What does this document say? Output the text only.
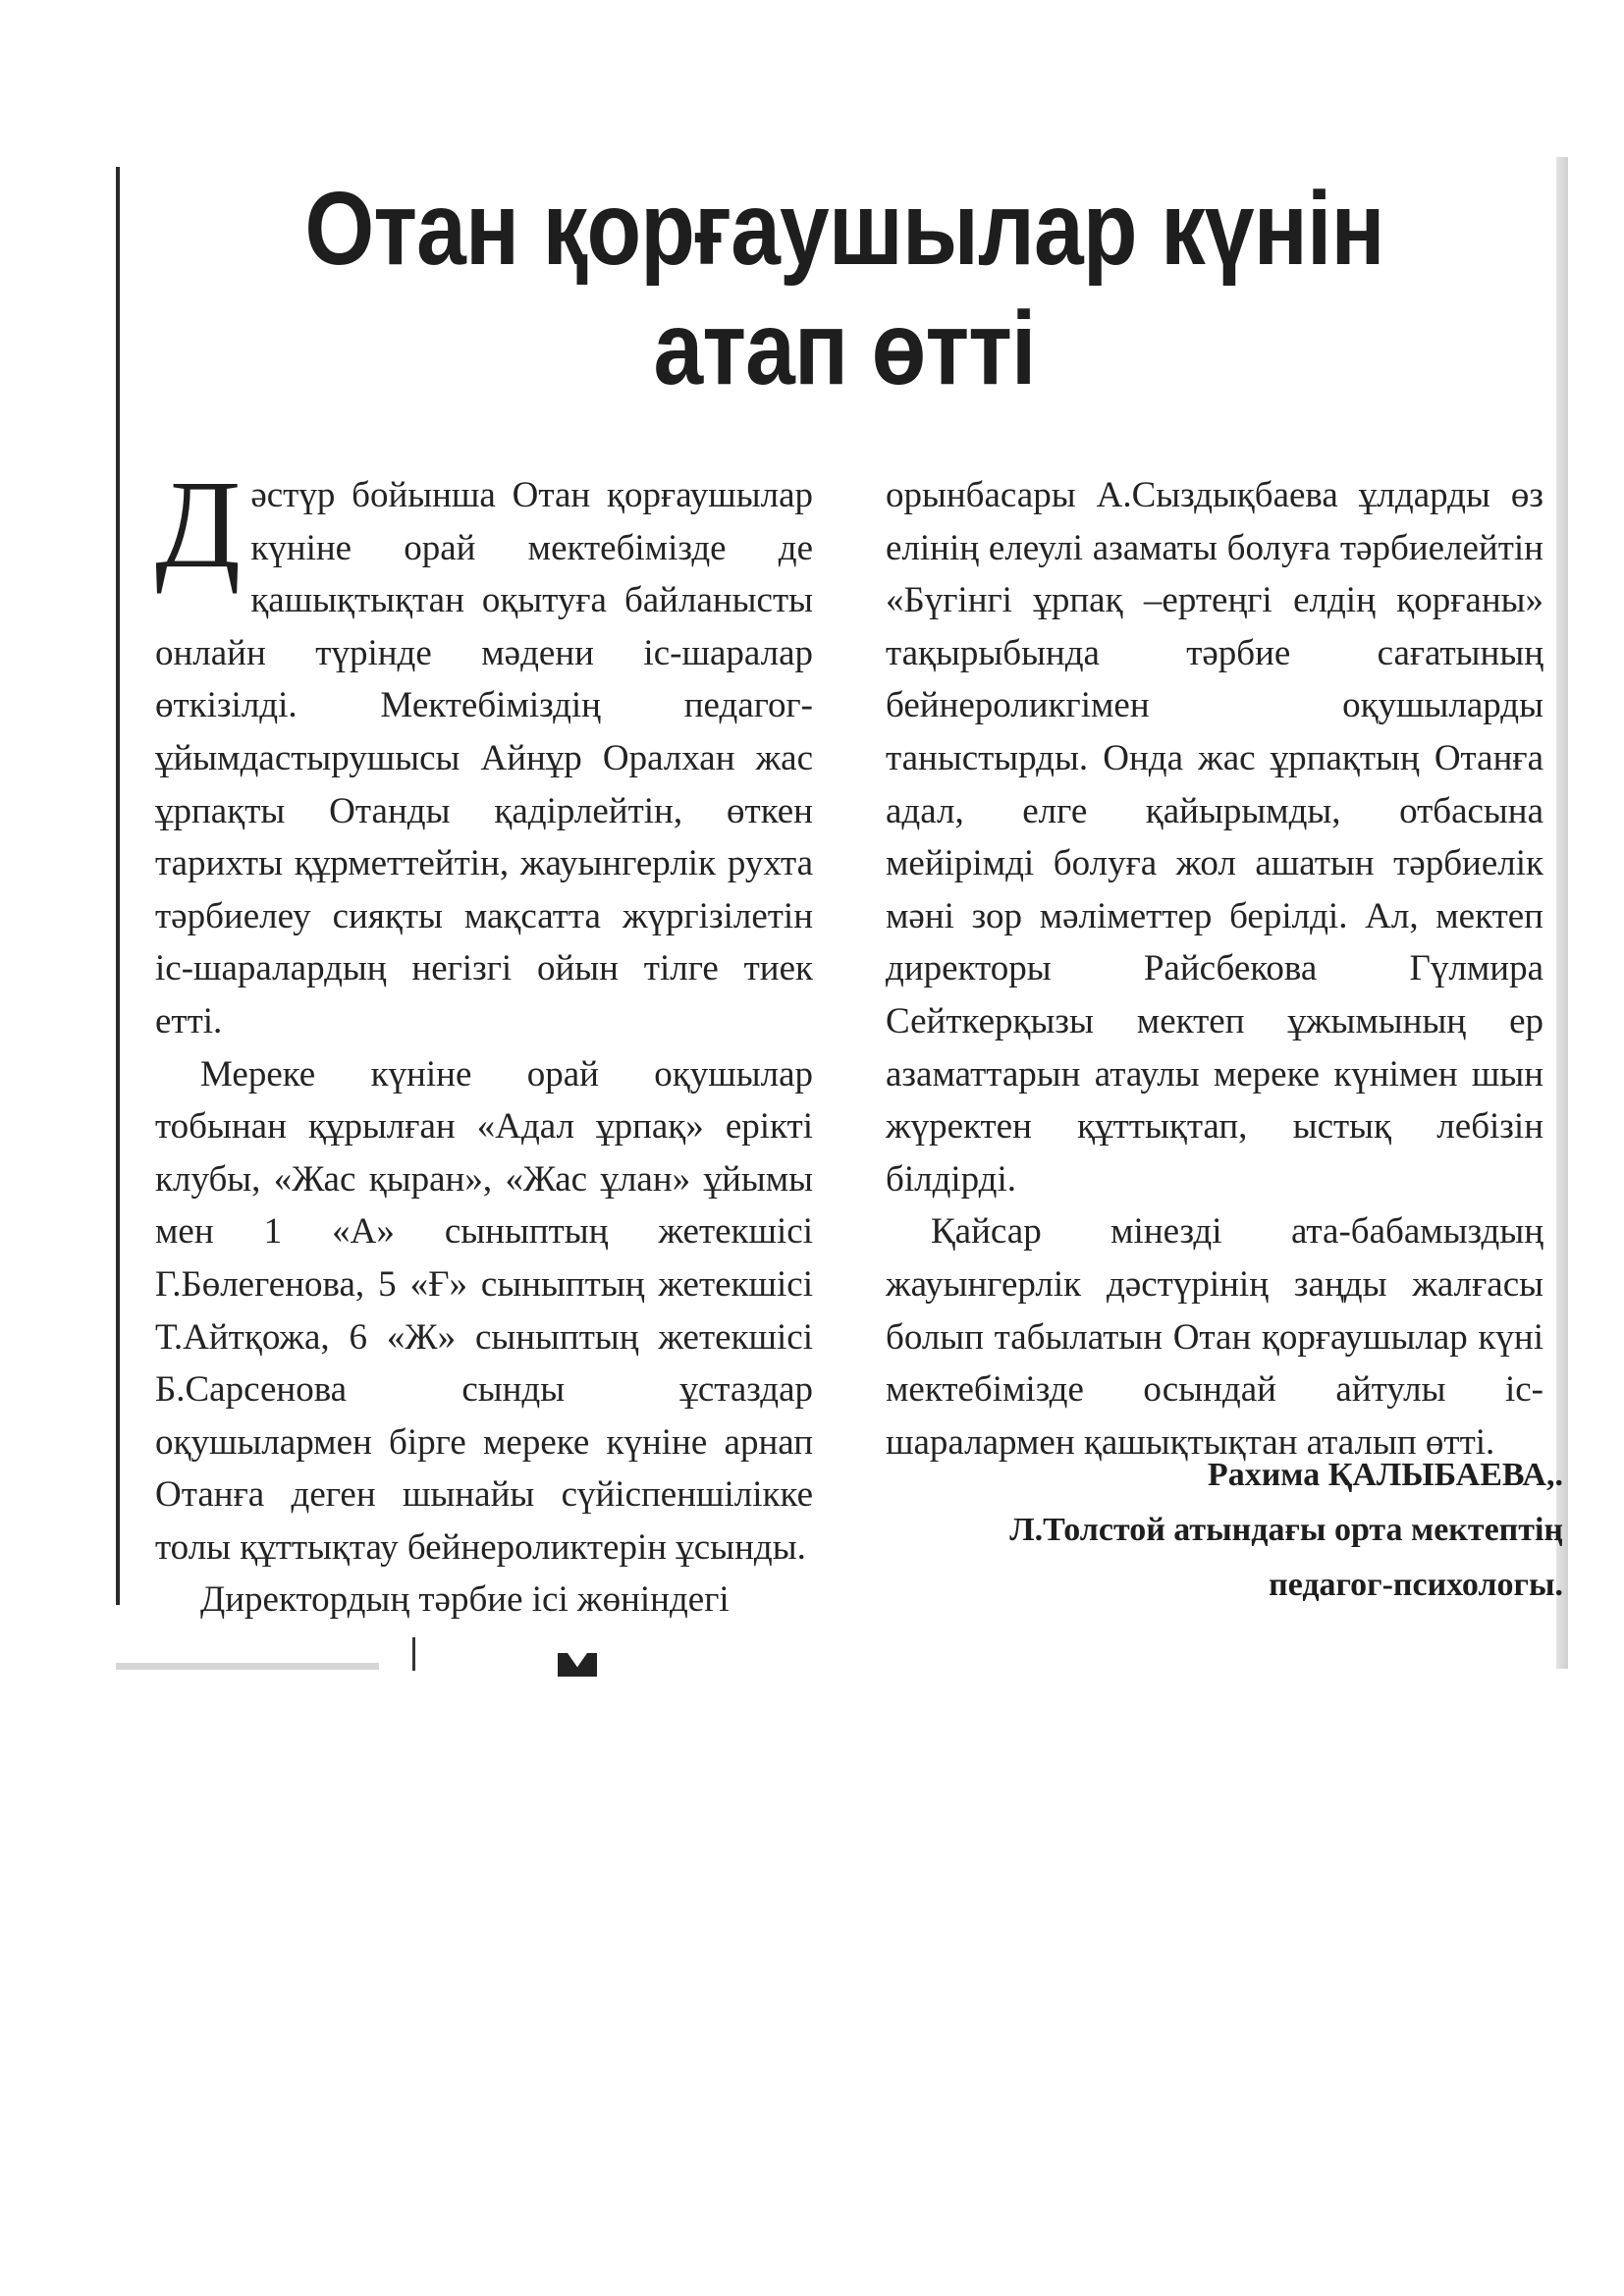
Отан қорғаушылар күнін
атап өтті

Дәстүр бойынша Отан қорғаушылар күніне орай мектебімізде де қашықтықтан оқытуға байланысты онлайн түрінде мәдени іс-шаралар өткізілді. Мектебіміздің педагог-ұйымдастырушысы Айнұр Оралхан жас ұрпақты Отанды қадірлейтін, өткен тарихты құрметтейтін, жауынгерлік рухта тәрбиелеу сияқты мақсатта жүргізілетін іс-шаралардың негізгі ойын тілге тиек етті.

Мереке күніне орай оқушылар тобынан құрылған «Адал ұрпақ» ерікті клубы, «Жас қыран», «Жас ұлан» ұйымы мен 1 «А» сыныптың жетекшісі Г.Бөлегенова, 5 «Ғ» сыныптың жетекшісі Т.Айтқожа, 6 «Ж» сыныптың жетекшісі Б.Сарсенова сынды ұстаздар оқушылармен бірге мереке күніне арнап Отанға деген шынайы сүйіспеншілікке толы құттықтау бейнероликтерін ұсынды.

Директордың тәрбие ісі жөніндегі

орынбасары А.Сыздықбаева ұлдарды өз елінің елеулі азаматы болуға тәрбиелейтін «Бүгінгі ұрпақ –ертеңгі елдің қорғаны» тақырыбында тәрбие сағатының бейнероликгімен оқушыларды таныстырды. Онда жас ұрпақтың Отанға адал, елге қайырымды, отбасына мейірімді болуға жол ашатын тәрбиелік мәні зор мәліметтер берілді. Ал, мектеп директоры Райсбекова Гүлмира Сейткерқызы мектеп ұжымының ер азаматтарын атаулы мереке күнімен шын жүректен құттықтап, ыстық лебізін білдірді.

Қайсар мінезді ата-бабамыздың жауынгерлік дәстүрінің заңды жалғасы болып табылатын Отан қорғаушылар күні мектебімізде осындай айтулы іс-шаралармен қашықтықтан аталып өтті.

Рахима ҚАЛЫБАЕВА,.
Л.Толстой атындағы орта мектептің
педагог-психологы.
